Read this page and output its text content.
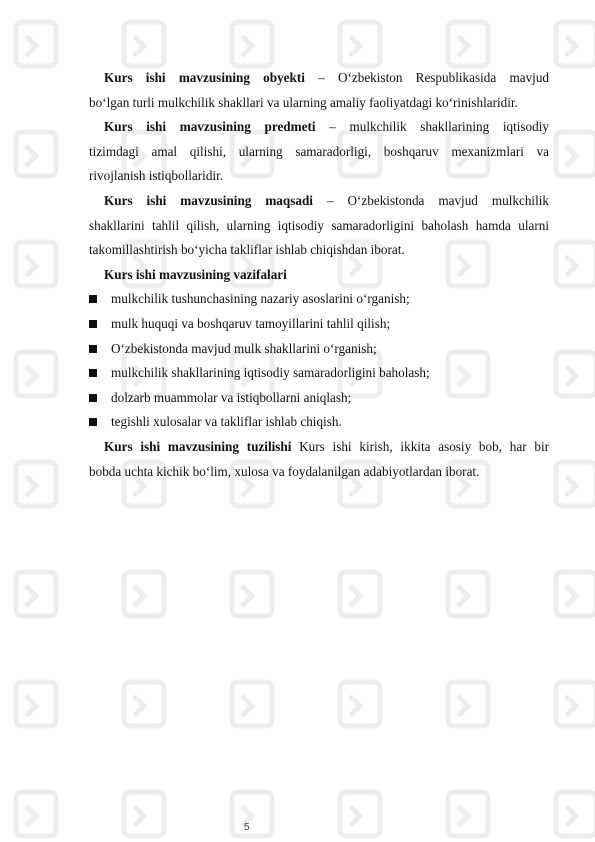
Kurs ishi mavzusining obyekti – O‘zbekiston Respublikasida mavjud

bo‘lgan turli mulkchilik shakllari va ularning amaliy faoliyatdagi ko‘rinishlaridir.

Kurs ishi mavzusining predmeti – mulkchilik shakllarining iqtisodiy

tizimdagi amal qilishi, ularning samaradorligi, boshqaruv mexanizmlari va

rivojlanish istiqbollaridir.

Kurs ishi mavzusining maqsadi – O‘zbekistonda mavjud mulkchilik

shakllarini tahlil qilish, ularning iqtisodiy samaradorligini baholash hamda ularni

takomillashtirish bo‘yicha takliflar ishlab chiqishdan iborat.

Kurs ishi mavzusining vazifalari

mulkchilik tushunchasining nazariy asoslarini o‘rganish;
mulk huquqi va boshqaruv tamoyillarini tahlil qilish;
O‘zbekistonda mavjud mulk shakllarini o‘rganish;
mulkchilik shakllarining iqtisodiy samaradorligini baholash;
dolzarb muammolar va istiqbollarni aniqlash;
tegishli xulosalar va takliflar ishlab chiqish.

Kurs ishi mavzusining tuzilishi Kurs ishi kirish, ikkita asosiy bob, har bir

bobda uchta kichik bo‘lim, xulosa va foydalanilgan adabiyotlardan iborat.

5
